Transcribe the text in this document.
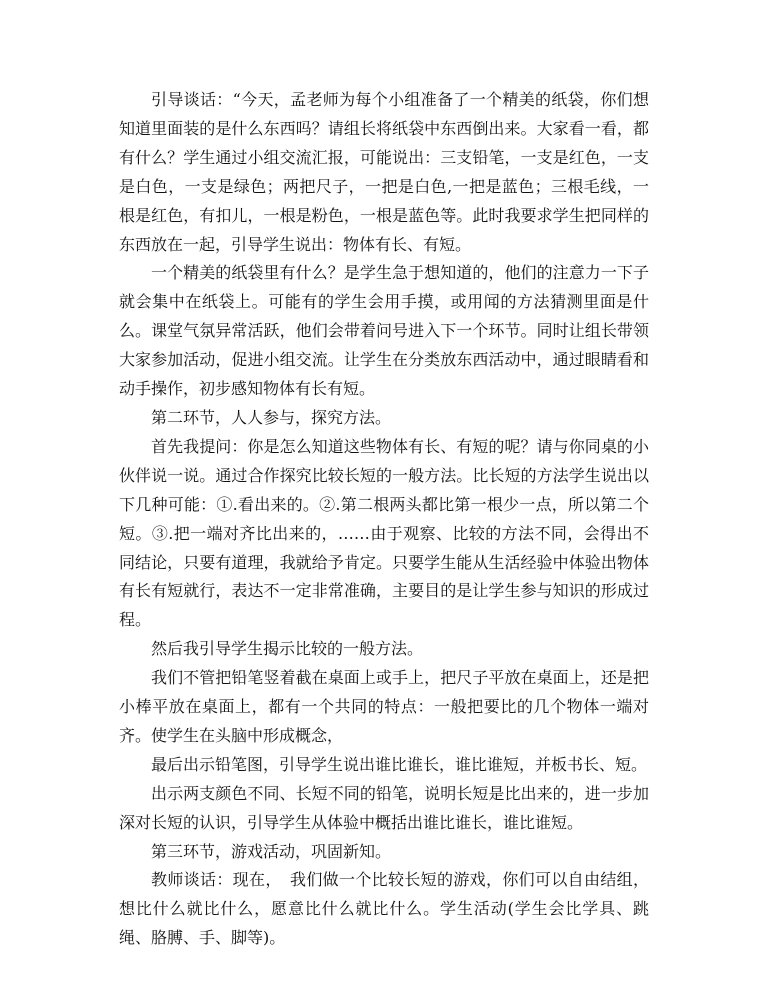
引导谈话：“今天，孟老师为每个小组准备了一个精美的纸袋，你们想知道里面装的是什么东西吗？请组长将纸袋中东西倒出来。大家看一看，都有什么？学生通过小组交流汇报，可能说出：三支铅笔，一支是红色，一支是白色，一支是绿色；两把尺子，一把是白色,一把是蓝色；三根毛线，一根是红色，有扣儿，一根是粉色，一根是蓝色等。此时我要求学生把同样的东西放在一起，引导学生说出：物体有长、有短。

一个精美的纸袋里有什么？是学生急于想知道的，他们的注意力一下子就会集中在纸袋上。可能有的学生会用手摸，或用闻的方法猜测里面是什么。课堂气氛异常活跃，他们会带着问号进入下一个环节。同时让组长带领大家参加活动，促进小组交流。让学生在分类放东西活动中，通过眼睛看和动手操作，初步感知物体有长有短。

第二环节，人人参与，探究方法。

首先我提问：你是怎么知道这些物体有长、有短的呢？请与你同桌的小伙伴说一说。通过合作探究比较长短的一般方法。比长短的方法学生说出以下几种可能：①.看出来的。②.第二根两头都比第一根少一点，所以第二个短。③.把一端对齐比出来的，……由于观察、比较的方法不同，会得出不同结论，只要有道理，我就给予肯定。只要学生能从生活经验中体验出物体有长有短就行，表达不一定非常准确，主要目的是让学生参与知识的形成过程。

然后我引导学生揭示比较的一般方法。

我们不管把铅笔竖着截在桌面上或手上，把尺子平放在桌面上，还是把小棒平放在桌面上，都有一个共同的特点：一般把要比的几个物体一端对齐。使学生在头脑中形成概念，

最后出示铅笔图，引导学生说出谁比谁长，谁比谁短，并板书长、短。

出示两支颜色不同、长短不同的铅笔，说明长短是比出来的，进一步加深对长短的认识，引导学生从体验中概括出谁比谁长，谁比谁短。

第三环节，游戏活动，巩固新知。

教师谈话：现在，　我们做一个比较长短的游戏，你们可以自由结组，想比什么就比什么，愿意比什么就比什么。学生活动(学生会比学具、跳绳、胳膊、手、脚等)。
